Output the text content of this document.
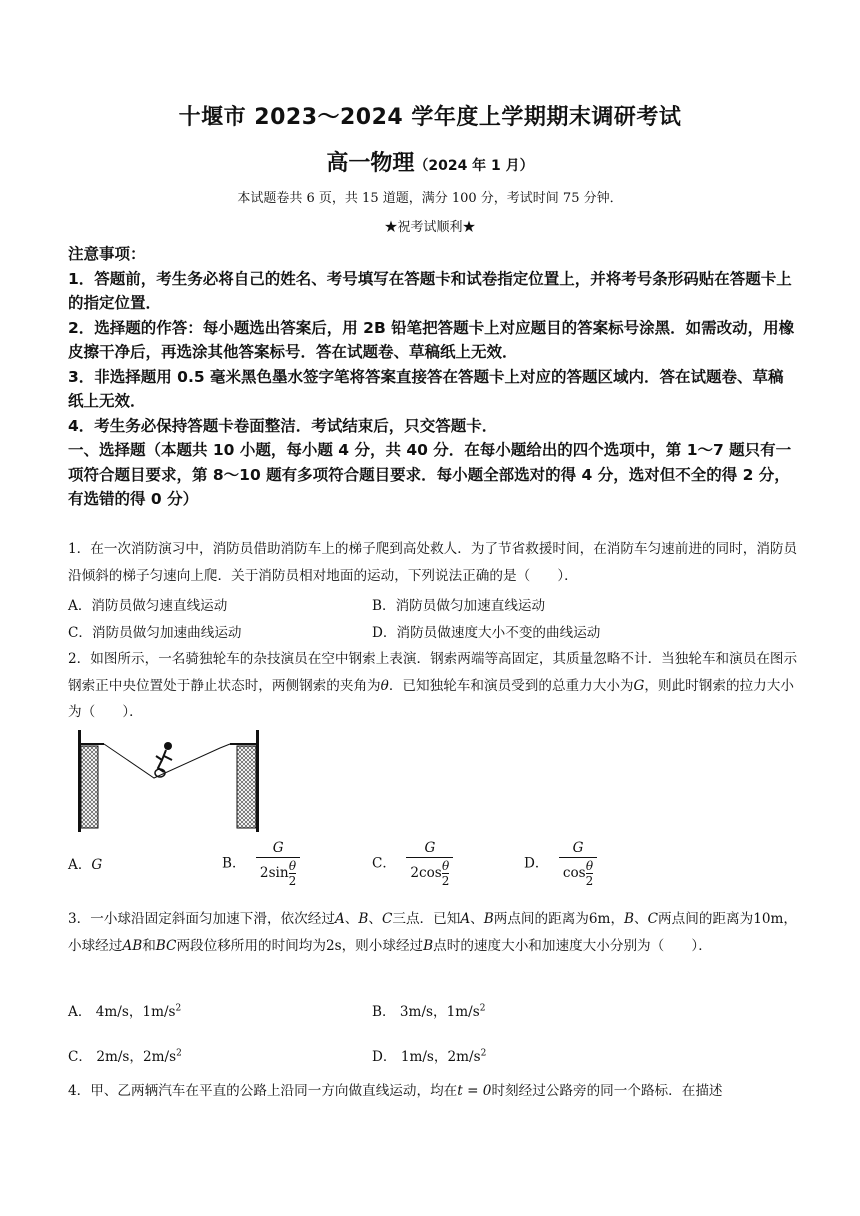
十堰市 2023～2024 学年度上学期期末调研考试
高一物理（2024 年 1 月）
本试题卷共 6 页，共 15 道题，满分 100 分，考试时间 75 分钟．
★祝考试顺利★

注意事项：

1．答题前，考生务必将自己的姓名、考号填写在答题卡和试卷指定位置上，并将考号条形码贴在答题卡上的指定位置．

2．选择题的作答：每小题选出答案后，用 2B 铅笔把答题卡上对应题目的答案标号涂黑．如需改动，用橡皮擦干净后，再选涂其他答案标号．答在试题卷、草稿纸上无效．

3．非选择题用 0.5 毫米黑色墨水签字笔将答案直接答在答题卡上对应的答题区域内．答在试题卷、草稿纸上无效．

4．考生务必保持答题卡卷面整洁．考试结束后，只交答题卡．

一、选择题（本题共 10 小题，每小题 4 分，共 40 分．在每小题给出的四个选项中，第 1～7 题只有一项符合题目要求，第 8～10 题有多项符合题目要求．每小题全部选对的得 4 分，选对但不全的得 2 分，有选错的得 0 分）

1．在一次消防演习中，消防员借助消防车上的梯子爬到高处救人．为了节省救援时间，在消防车匀速前进的同时，消防员沿倾斜的梯子匀速向上爬．关于消防员相对地面的运动，下列说法正确的是（　　）．

A．消防员做匀速直线运动	B．消防员做匀加速直线运动
C．消防员做匀加速曲线运动	D．消防员做速度大小不变的曲线运动

2．如图所示，一名骑独轮车的杂技演员在空中钢索上表演．钢索两端等高固定，其质量忽略不计．当独轮车和演员在图示钢索正中央位置处于静止状态时，两侧钢索的夹角为θ．已知独轮车和演员受到的总重力大小为G，则此时钢索的拉力大小为（　　）．

A．G	B． $\frac{G}{2\sin \frac{\theta}{2}}$	C． $\frac{G}{2\cos \frac{\theta}{2}}$	D． $\frac{G}{\cos \frac{\theta}{2}}$

3．一小球沿固定斜面匀加速下滑，依次经过A、B、C三点．已知A、B两点间的距离为6m，B、C两点间的距离为10m，小球经过AB和BC两段位移所用的时间均为2s，则小球经过B点时的速度大小和加速度大小分别为（　　）．

A． 4m/s，$1m/s^2$	B． 3m/s，$1m/s^2$
C． 2m/s，$2m/s^2$	D． 1m/s，$2m/s^2$

4．甲、乙两辆汽车在平直的公路上沿同一方向做直线运动，均在t = 0时刻经过公路旁的同一个路标．在描述
